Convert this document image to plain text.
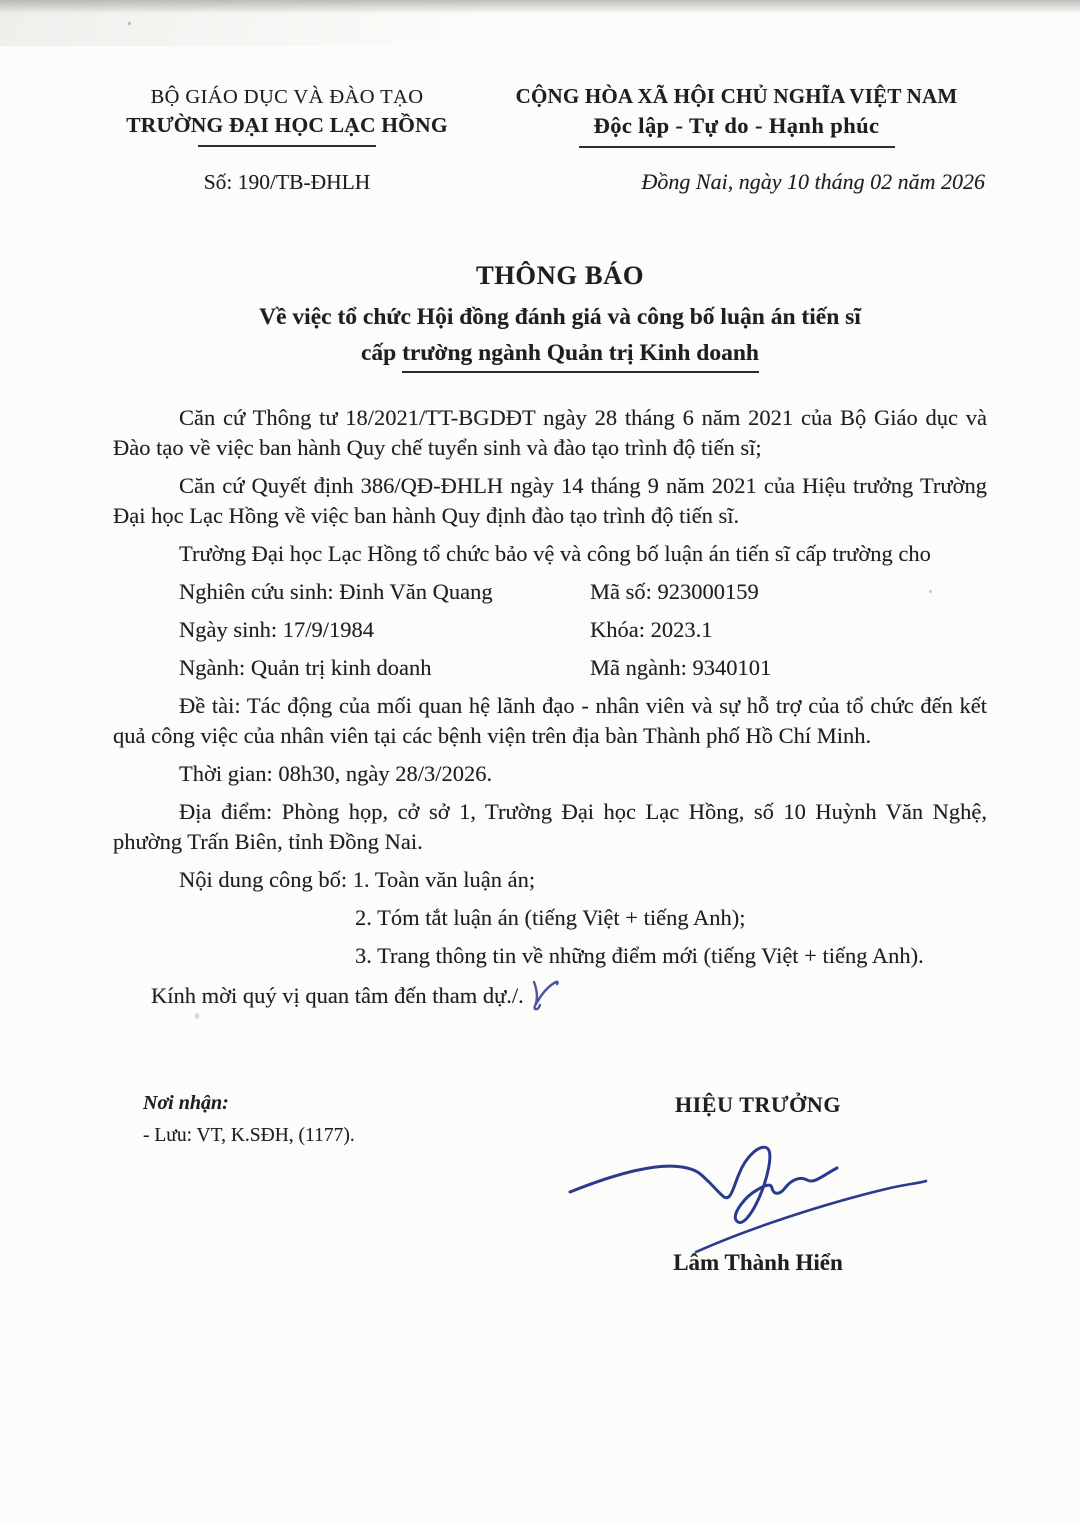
BỘ GIÁO DỤC VÀ ĐÀO TẠO
TRƯỜNG ĐẠI HỌC LẠC HỒNG
Số: 190/TB-ĐHLH
CỘNG HÒA XÃ HỘI CHỦ NGHĨA VIỆT NAM
Độc lập - Tự do - Hạnh phúc
Đồng Nai, ngày 10 tháng 02 năm 2026
THÔNG BÁO
Về việc tổ chức Hội đồng đánh giá và công bố luận án tiến sĩ
cấp trường ngành Quản trị Kinh doanh

Căn cứ Thông tư 18/2021/TT-BGDĐT ngày 28 tháng 6 năm 2021 của Bộ Giáo dục và Đào tạo về việc ban hành Quy chế tuyển sinh và đào tạo trình độ tiến sĩ;

Căn cứ Quyết định 386/QĐ-ĐHLH ngày 14 tháng 9 năm 2021 của Hiệu trưởng Trường Đại học Lạc Hồng về việc ban hành Quy định đào tạo trình độ tiến sĩ.

Trường Đại học Lạc Hồng tổ chức bảo vệ và công bố luận án tiến sĩ cấp trường cho

Nghiên cứu sinh: Đinh Văn Quang	Mã số: 923000159
Ngày sinh: 17/9/1984	Khóa: 2023.1
Ngành: Quản trị kinh doanh	Mã ngành: 9340101

Đề tài: Tác động của mối quan hệ lãnh đạo - nhân viên và sự hỗ trợ của tổ chức đến kết quả công việc của nhân viên tại các bệnh viện trên địa bàn Thành phố Hồ Chí Minh.

Thời gian: 08h30, ngày 28/3/2026.

Địa điểm: Phòng họp, cở sở 1, Trường Đại học Lạc Hồng, số 10 Huỳnh Văn Nghệ, phường Trấn Biên, tỉnh Đồng Nai.

Nội dung công bố: 1. Toàn văn luận án;

2. Tóm tắt luận án (tiếng Việt + tiếng Anh);

3. Trang thông tin về những điểm mới (tiếng Việt + tiếng Anh).

Kính mời quý vị quan tâm đến tham dự./.

Nơi nhận:
- Lưu: VT, K.SĐH, (1177).
HIỆU TRƯỞNG
Lâm Thành Hiển
